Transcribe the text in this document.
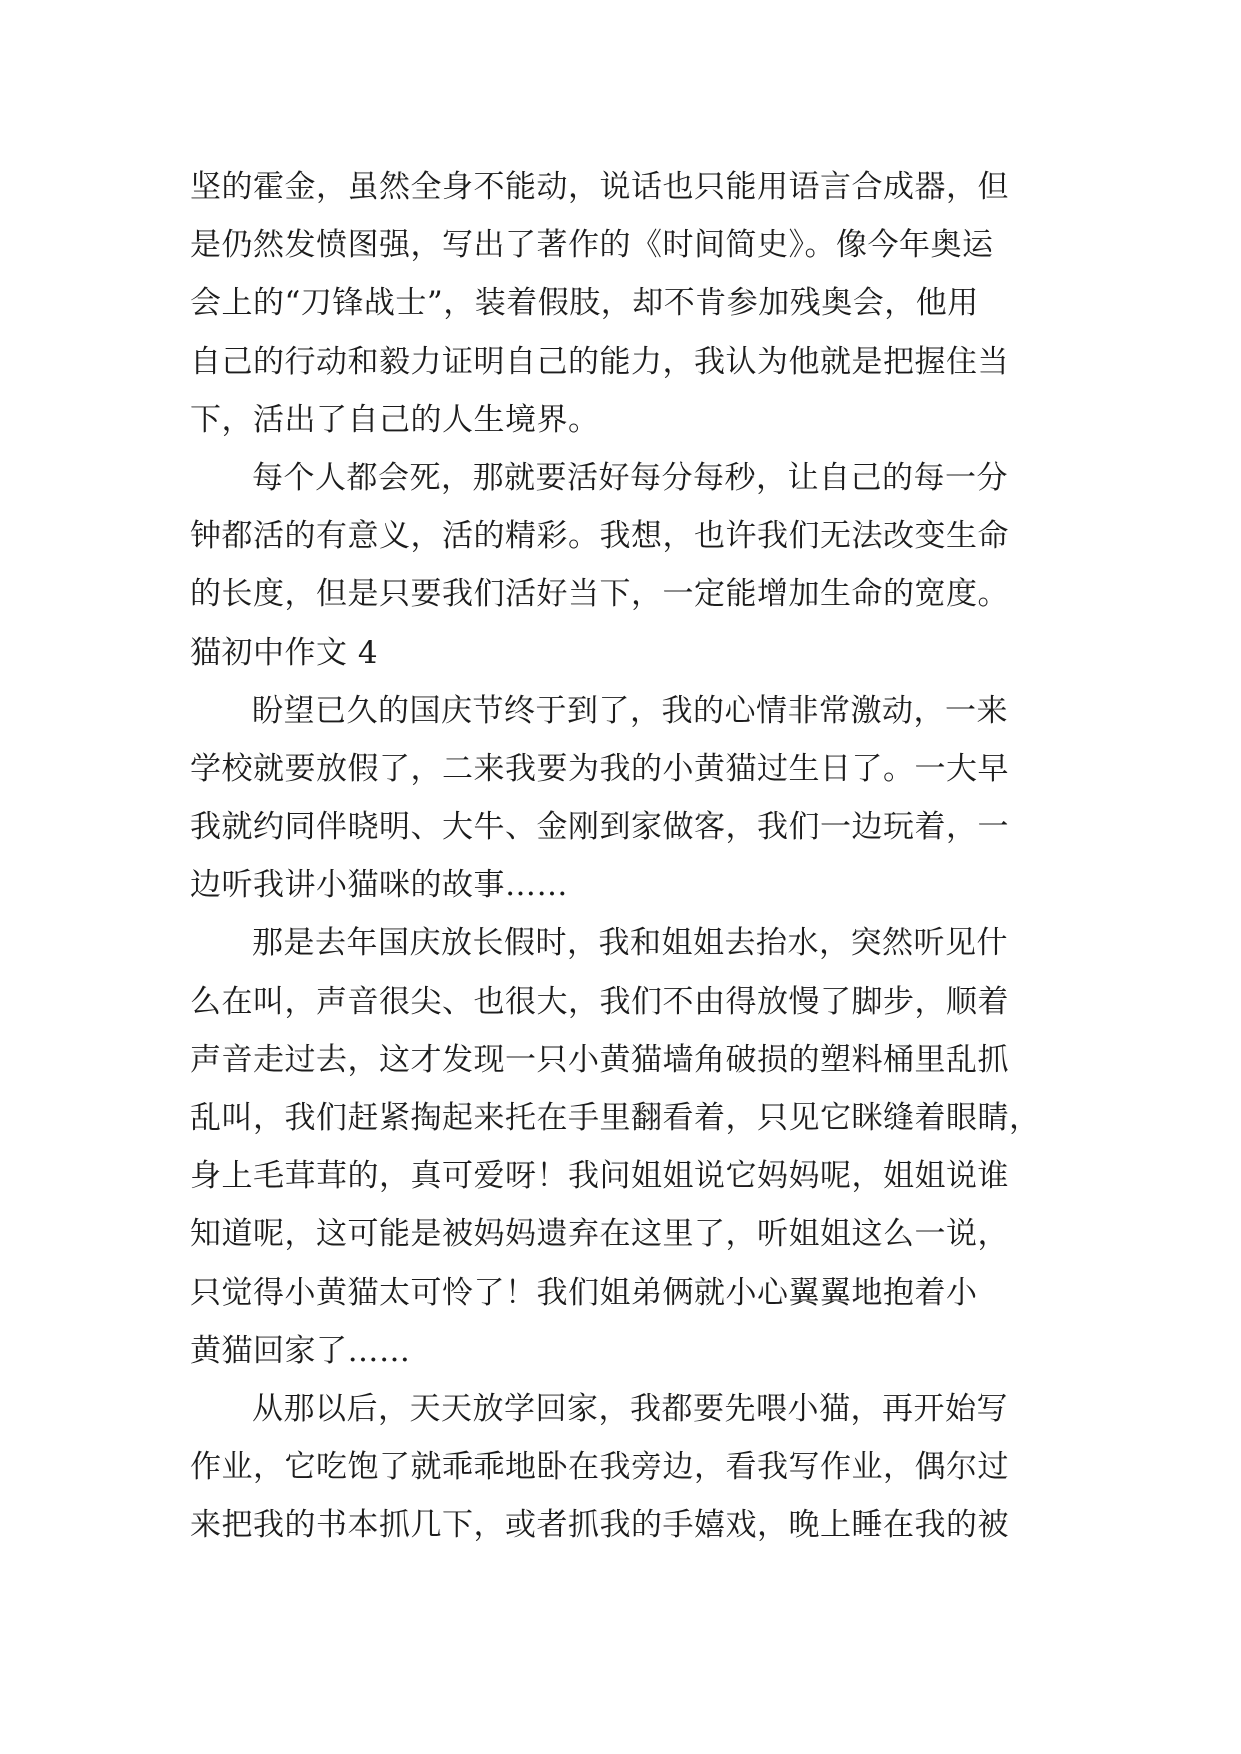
坚的霍金，虽然全身不能动，说话也只能用语言合成器，但
是仍然发愤图强，写出了著作的《时间简史》。像今年奥运
会上的“刀锋战士”，装着假肢，却不肯参加残奥会，他用
自己的行动和毅力证明自己的能力，我认为他就是把握住当
下，活出了自己的人生境界。
每个人都会死，那就要活好每分每秒，让自己的每一分
钟都活的有意义，活的精彩。我想，也许我们无法改变生命
的长度，但是只要我们活好当下，一定能增加生命的宽度。
猫初中作文 4
盼望已久的国庆节终于到了，我的心情非常激动，一来
学校就要放假了，二来我要为我的小黄猫过生日了。一大早
我就约同伴晓明、大牛、金刚到家做客，我们一边玩着，一
边听我讲小猫咪的故事……
那是去年国庆放长假时，我和姐姐去抬水，突然听见什
么在叫，声音很尖、也很大，我们不由得放慢了脚步，顺着
声音走过去，这才发现一只小黄猫墙角破损的塑料桶里乱抓
乱叫，我们赶紧掏起来托在手里翻看着，只见它眯缝着眼睛，
身上毛茸茸的，真可爱呀！我问姐姐说它妈妈呢，姐姐说谁
知道呢，这可能是被妈妈遗弃在这里了，听姐姐这么一说，
只觉得小黄猫太可怜了！我们姐弟俩就小心翼翼地抱着小
黄猫回家了……
从那以后，天天放学回家，我都要先喂小猫，再开始写
作业，它吃饱了就乖乖地卧在我旁边，看我写作业，偶尔过
来把我的书本抓几下，或者抓我的手嬉戏，晚上睡在我的被
